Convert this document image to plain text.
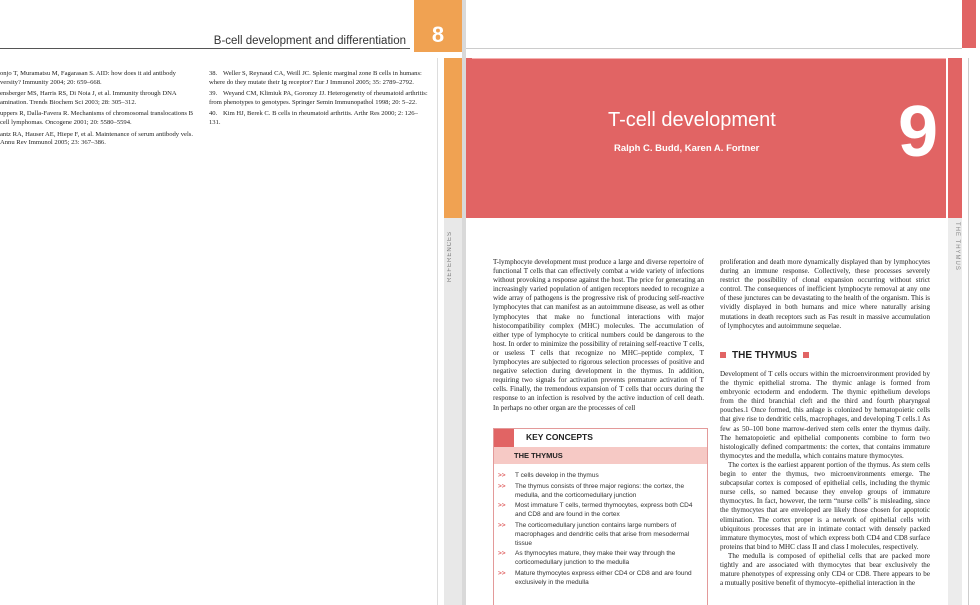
B-cell development and differentiation	8
REFERENCES
onjo T, Muramatsu M, Fagarasan S. AID: how does it aid antibody versity? Immunity 2004; 20: 659–668.
ensberger MS, Harris RS, Di Noia J, et al. Immunity through DNA amination. Trends Biochem Sci 2003; 28: 305–312.
uppers R, Dalla-Favera R. Mechanisms of chromosomal translocations B cell lymphomas. Oncogene 2001; 20: 5580–5594.
antz RA, Hauser AE, Hiepe F, et al. Maintenance of serum antibody vels. Annu Rev Immunol 2005; 23: 367–386.
38. Weller S, Reynaud CA, Weill JC. Splenic marginal zone B cells in humans: where do they mutate their Ig receptor? Eur J Immunol 2005; 35: 2789–2792.
39. Weyand CM, Klimiuk PA, Goronzy JJ. Heterogeneity of rheumatoid arthritis: from phenotypes to genotypes. Springer Semin Immunopathol 1998; 20: 5–22.
40. Kim HJ, Berek C. B cells in rheumatoid arthritis. Arthr Res 2000; 2: 126–131.
THE THYMUS
T-cell development
Ralph C. Budd, Karen A. Fortner 9

T-lymphocyte development must produce a large and diverse repertoire of functional T cells that can effectively combat a wide variety of infections without provoking a response against the host. The price for generating an increasingly varied population of antigen receptors needed to recognize a wide array of pathogens is the progressive risk of producing self-reactive lymphocytes that can manifest as an autoimmune disease, as well as other lymphocytes that make no functional interactions with major histocompatibility complex (MHC) molecules. The accumulation of either type of lymphocyte to critical numbers could be dangerous to the host. In order to minimize the possibility of retaining self-reactive T cells, or useless T cells that recognize no MHC–peptide complex, T lymphocytes are subjected to rigorous selection processes of positive and negative selection during development in the thymus. In addition, requiring two signals for activation prevents premature activation of T cells. Finally, the tremendous expansion of T cells that occurs during the response to an infection is resolved by the active induction of cell death. In perhaps no other organ are the processes of cell

proliferation and death more dynamically displayed than by lymphocytes during an immune response. Collectively, these processes severely restrict the possibility of clonal expansion occurring without strict control. The consequences of inefficient lymphocyte removal at any one of these junctures can be devastating to the health of the organism. This is vividly displayed in both humans and mice where naturally arising mutations in death receptors such as Fas result in massive accumulation of lymphocytes and autoimmune sequelae.

THE THYMUS

Development of T cells occurs within the microenvironment provided by the thymic epithelial stroma. The thymic anlage is formed from embryonic ectoderm and endoderm. The thymic epithelium develops from the third branchial cleft and the third and fourth pharyngeal pouches.1 Once formed, this anlage is colonized by hematopoietic cells that give rise to dendritic cells, macrophages, and developing T cells.1 As few as 50–100 bone marrow-derived stem cells enter the thymus daily. The hematopoietic and epithelial components combine to form two histologically defined compartments: the cortex, that contains immature thymocytes and the medulla, which contains mature thymocytes.

The cortex is the earliest apparent portion of the thymus. As stem cells begin to enter the thymus, two microenvironments emerge. The subcapsular cortex is composed of epithelial cells, including the thymic nurse cells, so named because they envelop groups of immature thymocytes. In fact, however, the term “nurse cells” is misleading, since the thymocytes that are enveloped are likely those chosen for apoptotic elimination. The cortex proper is a network of epithelial cells with ubiquitous processes that are in intimate contact with densely packed immature thymocytes, most of which express both CD4 and CD8 surface proteins that bind to MHC class II and class I molecules, respectively.

The medulla is composed of epithelial cells that are packed more tightly and are associated with thymocytes that bear exclusively the mature phenotypes of expressing only CD4 or CD8. There appears to be a mutually positive benefit of thymocyte–epithelial interaction in the

KEY CONCEPTS
THE THYMUS
>> T cells develop in the thymus
>> The thymus consists of three major regions: the cortex, the medulla, and the corticomedullary junction
>> Most immature T cells, termed thymocytes, express both CD4 and CD8 and are found in the cortex
>> The corticomedullary junction contains large numbers of macrophages and dendritic cells that arise from mesodermal tissue
>> As thymocytes mature, they make their way through the corticomedullary junction to the medulla
>> Mature thymocytes express either CD4 or CD8 and are found exclusively in the medulla
